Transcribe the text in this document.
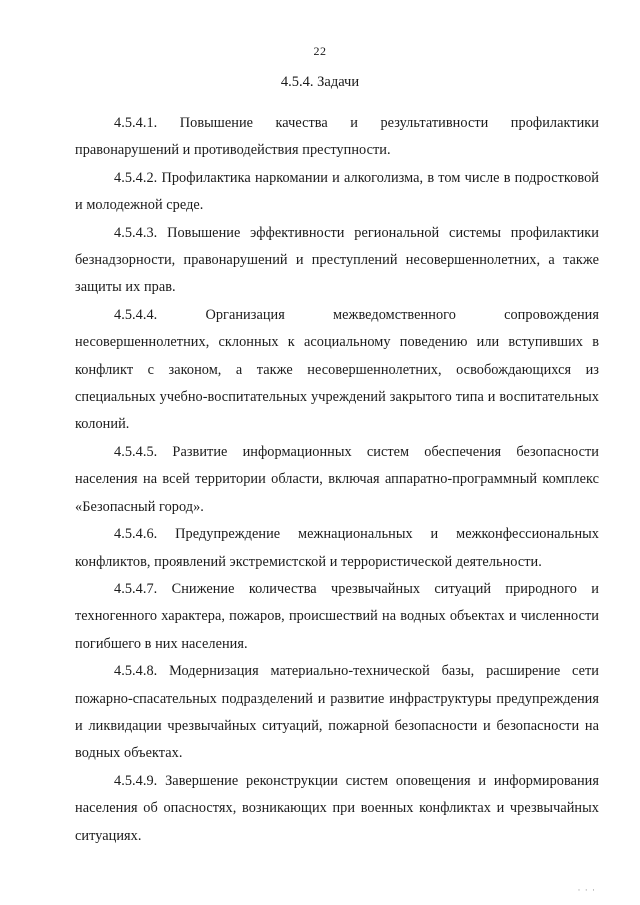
22
4.5.4. Задачи

4.5.4.1. Повышение качества и результативности профилактики правонарушений и противодействия преступности.

4.5.4.2. Профилактика наркомании и алкоголизма, в том числе в подростковой и молодежной среде.

4.5.4.3. Повышение эффективности региональной системы профилактики безнадзорности, правонарушений и преступлений несовершеннолетних, а также защиты их прав.

4.5.4.4. Организация межведомственного сопровождения несовершеннолетних, склонных к асоциальному поведению или вступивших в конфликт с законом, а также несовершеннолетних, освобождающихся из специальных учебно-воспитательных учреждений закрытого типа и воспитательных колоний.

4.5.4.5. Развитие информационных систем обеспечения безопасности населения на всей территории области, включая аппаратно-программный комплекс «Безопасный город».

4.5.4.6. Предупреждение межнациональных и межконфессиональных конфликтов, проявлений экстремистской и террористической деятельности.

4.5.4.7. Снижение количества чрезвычайных ситуаций природного и техногенного характера, пожаров, происшествий на водных объектах и численности погибшего в них населения.

4.5.4.8. Модернизация материально-технической базы, расширение сети пожарно-спасательных подразделений и развитие инфраструктуры предупреждения и ликвидации чрезвычайных ситуаций, пожарной безопасности и безопасности на водных объектах.

4.5.4.9. Завершение реконструкции систем оповещения и информирования населения об опасностях, возникающих при военных конфликтах и чрезвычайных ситуациях.

· · ·
